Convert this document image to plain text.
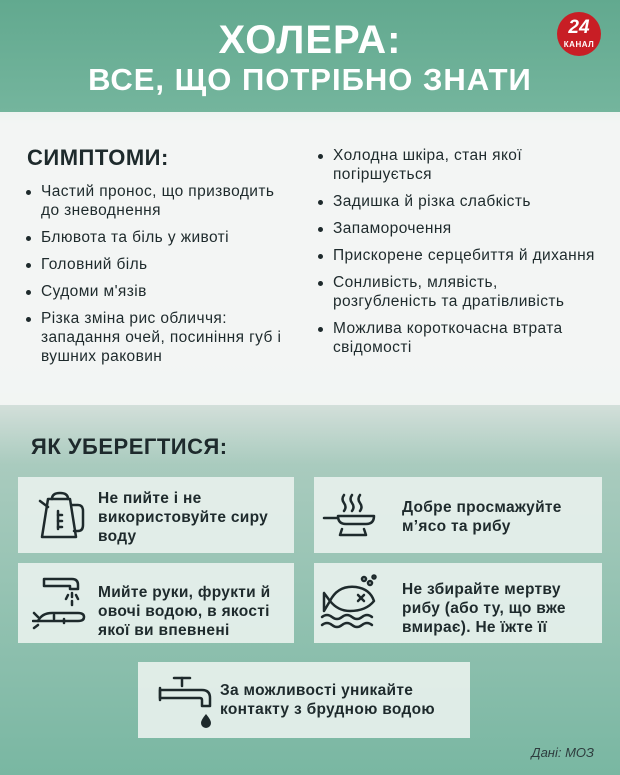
ХОЛЕРА:
ВСЕ, ЩО ПОТРІБНО ЗНАТИ
24
КАНАЛ
СИМПТОМИ:
Частий пронос, що призводить до зневоднення
Блювота та біль у животі
Головний біль
Судоми м'язів
Різка зміна рис обличчя: западання очей, посиніння губ і вушних раковин
Холодна шкіра, стан якої погіршується
Задишка й різка слабкість
Запаморочення
Прискорене серцебиття й дихання
Сонливість, млявість, розгубленість та дратівливість
Можлива короткочасна втрата свідомості
ЯК УБЕРЕГТИСЯ:
Не пийте і не використовуйте сиру воду
Добре просмажуйте м’ясо та рибу
Мийте руки, фрукти й овочі водою, в якості якої ви впевнені
Не збирайте мертву рибу (або ту, що вже вмирає). Не їжте її
За можливості уникайте контакту з брудною водою
Дані: МОЗ
